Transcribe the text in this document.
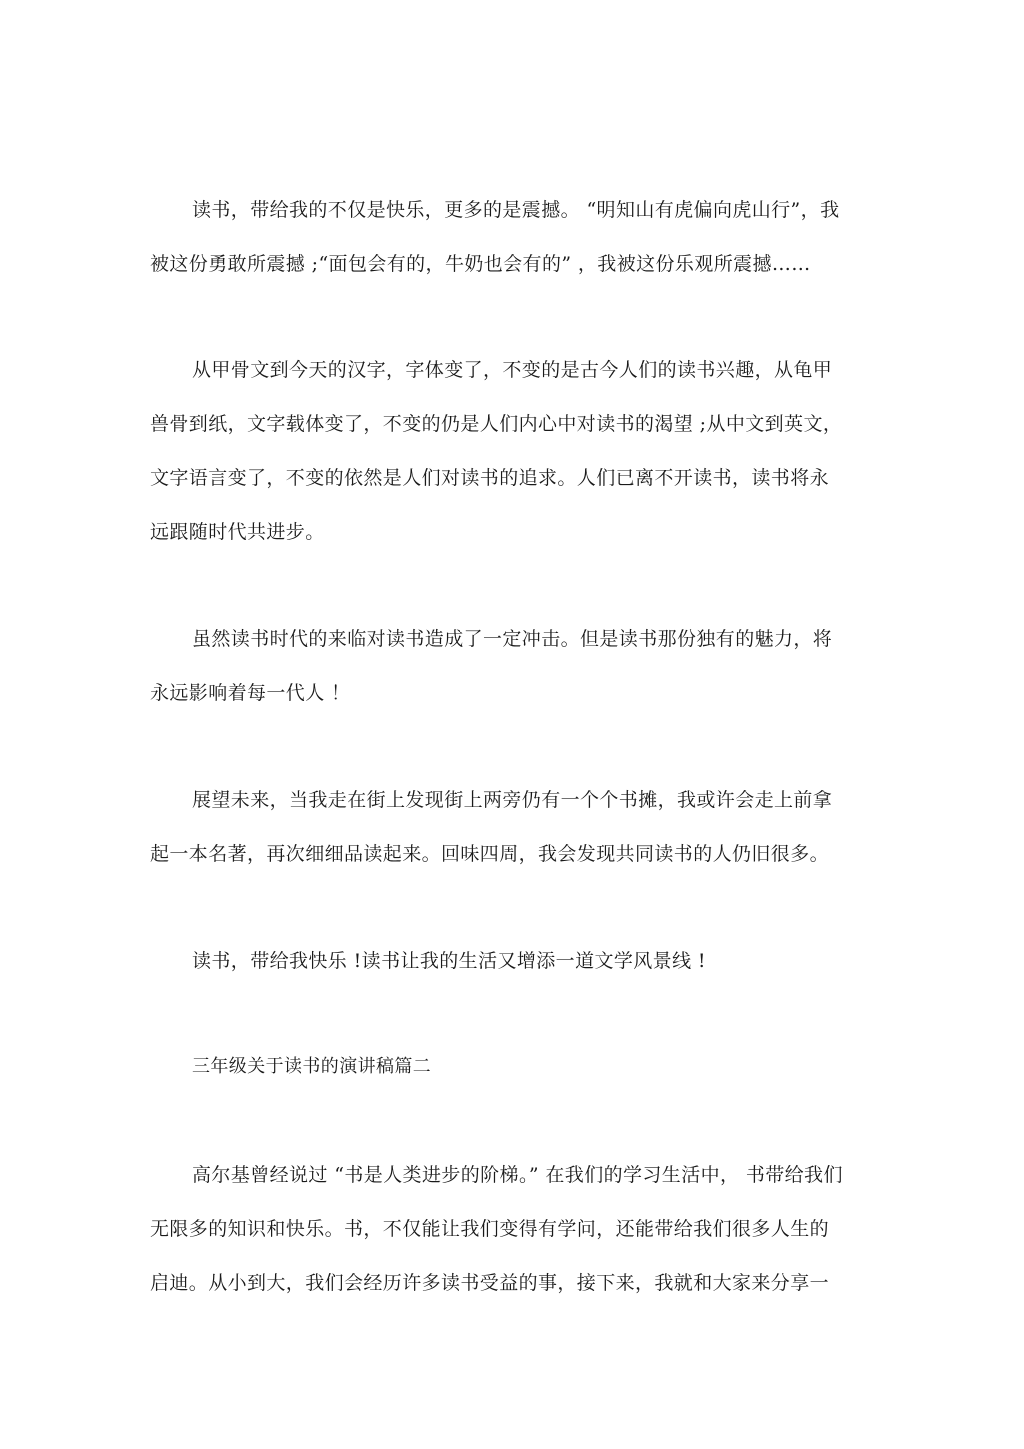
读书，带给我的不仅是快乐，更多的是震撼。 “明知山有虎偏向虎山行”，我
被这份勇敢所震撼 ;“面包会有的，牛奶也会有的” ，我被这份乐观所震撼……
从甲骨文到今天的汉字，字体变了，不变的是古今人们的读书兴趣，从龟甲
兽骨到纸，文字载体变了，不变的仍是人们内心中对读书的渴望 ;从中文到英文，
文字语言变了，不变的依然是人们对读书的追求。人们已离不开读书，读书将永
远跟随时代共进步。
虽然读书时代的来临对读书造成了一定冲击。但是读书那份独有的魅力，将
永远影响着每一代人 ！
展望未来，当我走在街上发现街上两旁仍有一个个书摊，我或许会走上前拿
起一本名著，再次细细品读起来。回味四周，我会发现共同读书的人仍旧很多。
读书，带给我快乐 !读书让我的生活又增添一道文学风景线 !
三年级关于读书的演讲稿篇二
高尔基曾经说过 “书是人类进步的阶梯。” 在我们的学习生活中， 书带给我们
无限多的知识和快乐。书，不仅能让我们变得有学问，还能带给我们很多人生的
启迪。从小到大，我们会经历许多读书受益的事，接下来，我就和大家来分享一
